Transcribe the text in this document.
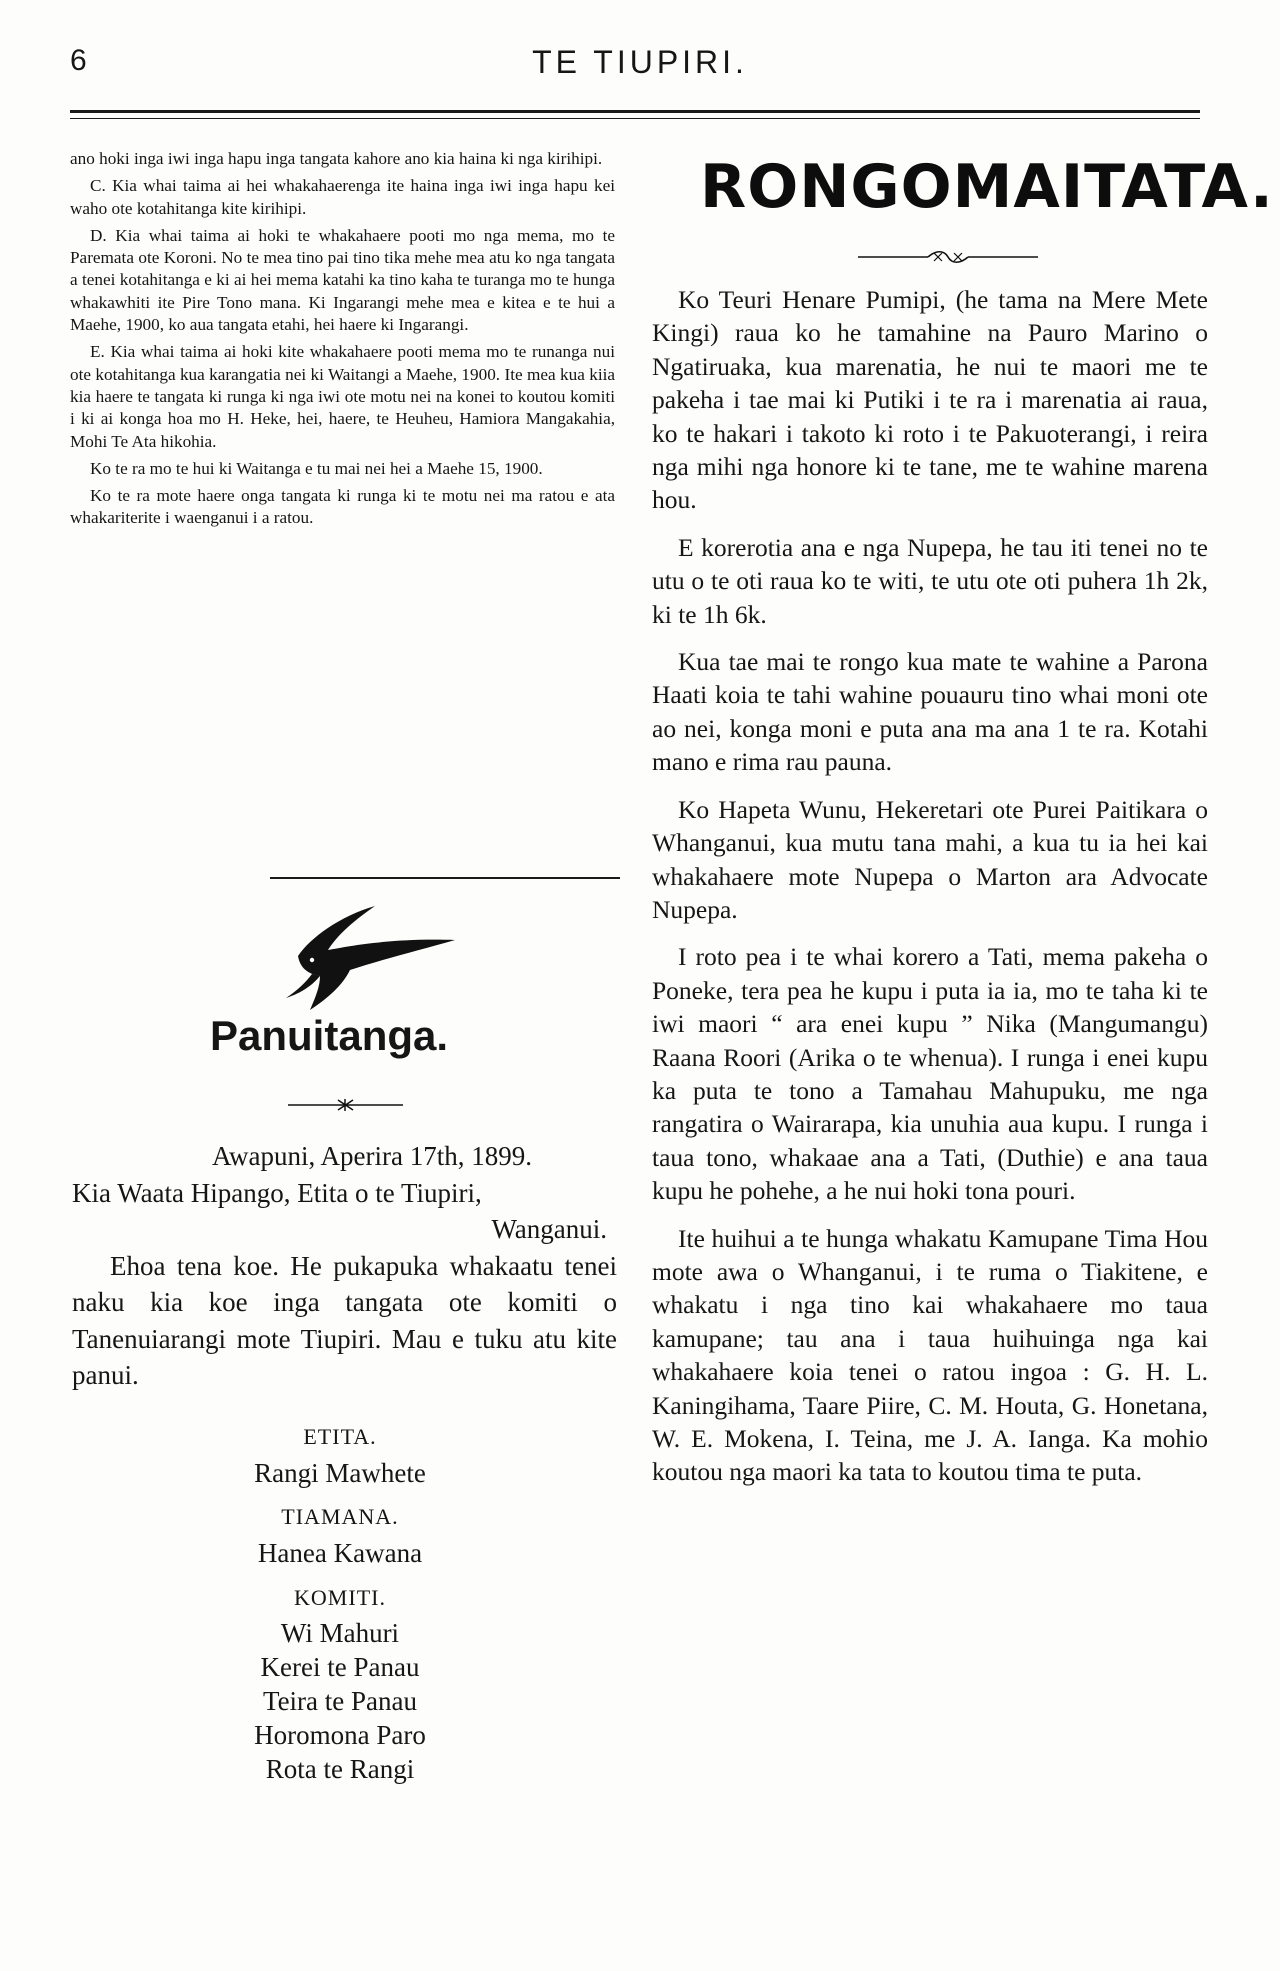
6	TE TIUPIRI.

ano hoki inga iwi inga hapu inga tangata kahore ano kia haina ki nga kirihipi.

C. Kia whai taima ai hei whakahaerenga ite haina inga iwi inga hapu kei waho ote kotahitanga kite kirihipi.

D. Kia whai taima ai hoki te whakahaere pooti mo nga mema, mo te Paremata ote Koroni. No te mea tino pai tino tika mehe mea atu ko nga tangata a tenei kotahitanga e ki ai hei mema katahi ka tino kaha te turanga mo te hunga whakawhiti ite Pire Tono mana. Ki Ingarangi mehe mea e kitea e te hui a Maehe, 1900, ko aua tangata etahi, hei haere ki Ingarangi.

E. Kia whai taima ai hoki kite whakahaere pooti mema mo te runanga nui ote kotahitanga kua karangatia nei ki Waitangi a Maehe, 1900. Ite mea kua kiia kia haere te tangata ki runga ki nga iwi ote motu nei na konei to koutou komiti i ki ai konga hoa mo H. Heke, hei, haere, te Heuheu, Hamiora Mangakahia, Mohi Te Ata hikohia.

Ko te ra mo te hui ki Waitanga e tu mai nei hei a Maehe 15, 1900.

Ko te ra mote haere onga tangata ki runga ki te motu nei ma ratou e ata whakariterite i waenganui i a ratou.

Panuitanga.
Awapuni, Aperira 17th, 1899.
Kia Waata Hipango, Etita o te Tiupiri,
Wanganui.
Ehoa tena koe. He pukapuka whakaatu tenei naku kia koe inga tangata ote komiti o Tanenuiarangi mote Tiupiri. Mau e tuku atu kite panui.
ETITA.
Rangi Mawhete
TIAMANA.
Hanea Kawana
KOMITI.
Wi Mahuri
Kerei te Panau
Teira te Panau
Horomona Paro
Rota te Rangi
RONGOMAITATA.

Ko Teuri Henare Pumipi, (he tama na Mere Mete Kingi) raua ko he tamahine na Pauro Marino o Ngatiruaka, kua marenatia, he nui te maori me te pakeha i tae mai ki Putiki i te ra i marenatia ai raua, ko te hakari i takoto ki roto i te Pakuoterangi, i reira nga mihi nga honore ki te tane, me te wahine marena hou.

E korerotia ana e nga Nupepa, he tau iti tenei no te utu o te oti raua ko te witi, te utu ote oti puhera 1h 2k, ki te 1h 6k.

Kua tae mai te rongo kua mate te wahine a Parona Haati koia te tahi wahine pouauru tino whai moni ote ao nei, konga moni e puta ana ma ana 1 te ra. Kotahi mano e rima rau pauna.

Ko Hapeta Wunu, Hekeretari ote Purei Paitikara o Whanganui, kua mutu tana mahi, a kua tu ia hei kai whakahaere mote Nupepa o Marton ara Advocate Nupepa.

I roto pea i te whai korero a Tati, mema pakeha o Poneke, tera pea he kupu i puta ia ia, mo te taha ki te iwi maori “ ara enei kupu ” Nika (Mangumangu) Raana Roori (Arika o te whenua). I runga i enei kupu ka puta te tono a Tamahau Mahupuku, me nga rangatira o Wairarapa, kia unuhia aua kupu. I runga i taua tono, whakaae ana a Tati, (Duthie) e ana taua kupu he pohehe, a he nui hoki tona pouri.

Ite huihui a te hunga whakatu Kamupane Tima Hou mote awa o Whanganui, i te ruma o Tiakitene, e whakatu i nga tino kai whakahaere mo taua kamupane; tau ana i taua huihuinga nga kai whakahaere koia tenei o ratou ingoa : G. H. L. Kaningihama, Taare Piire, C. M. Houta, G. Honetana, W. E. Mokena, I. Teina, me J. A. Ianga. Ka mohio koutou nga maori ka tata to koutou tima te puta.
